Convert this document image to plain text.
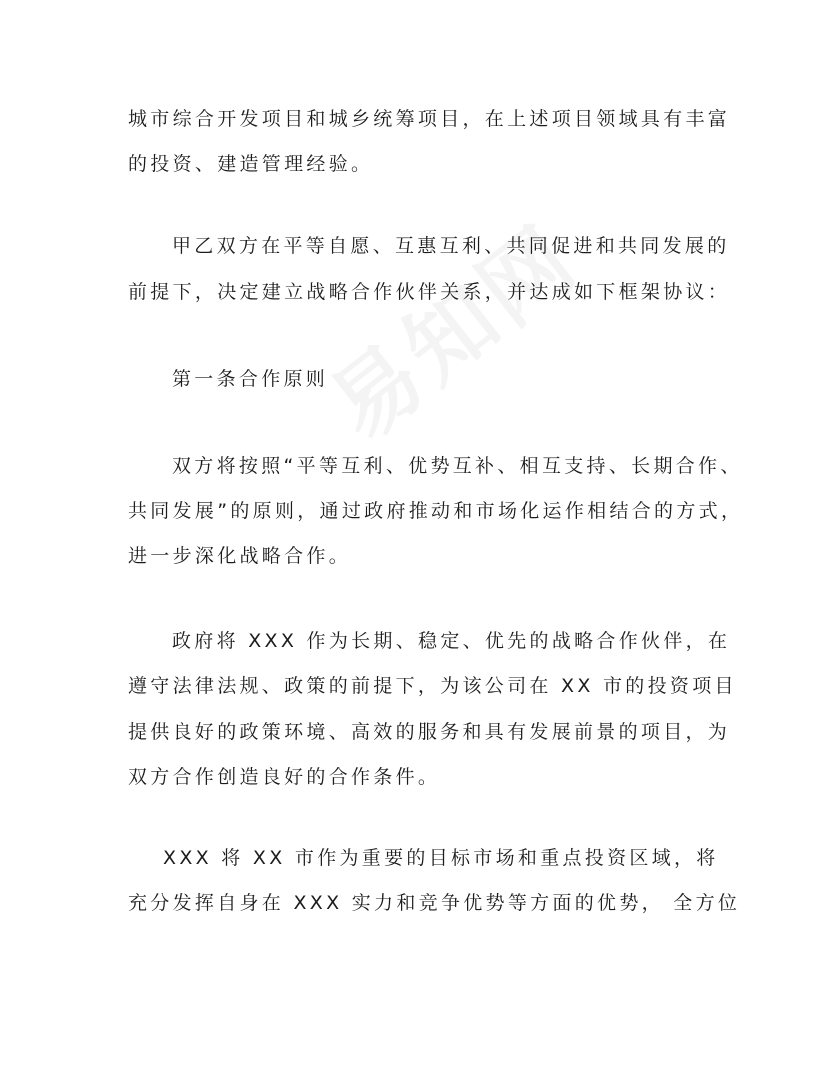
城市综合开发项目和城乡统筹项目，在上述项目领域具有丰富
的投资、建造管理经验。
甲乙双方在平等自愿、互惠互利、共同促进和共同发展的
前提下，决定建立战略合作伙伴关系，并达成如下框架协议：
第一条合作原则
双方将按照“平等互利、优势互补、相互支持、长期合作、
共同发展”的原则，通过政府推动和市场化运作相结合的方式，
进一步深化战略合作。
政府将 XXX 作为长期、稳定、优先的战略合作伙伴，在
遵守法律法规、政策的前提下，为该公司在 XX 市的投资项目
提供良好的政策环境、高效的服务和具有发展前景的项目，为
双方合作创造良好的合作条件。
XXX 将 XX 市作为重要的目标市场和重点投资区域，将
充分发挥自身在 XXX 实力和竞争优势等方面的优势， 全方位
